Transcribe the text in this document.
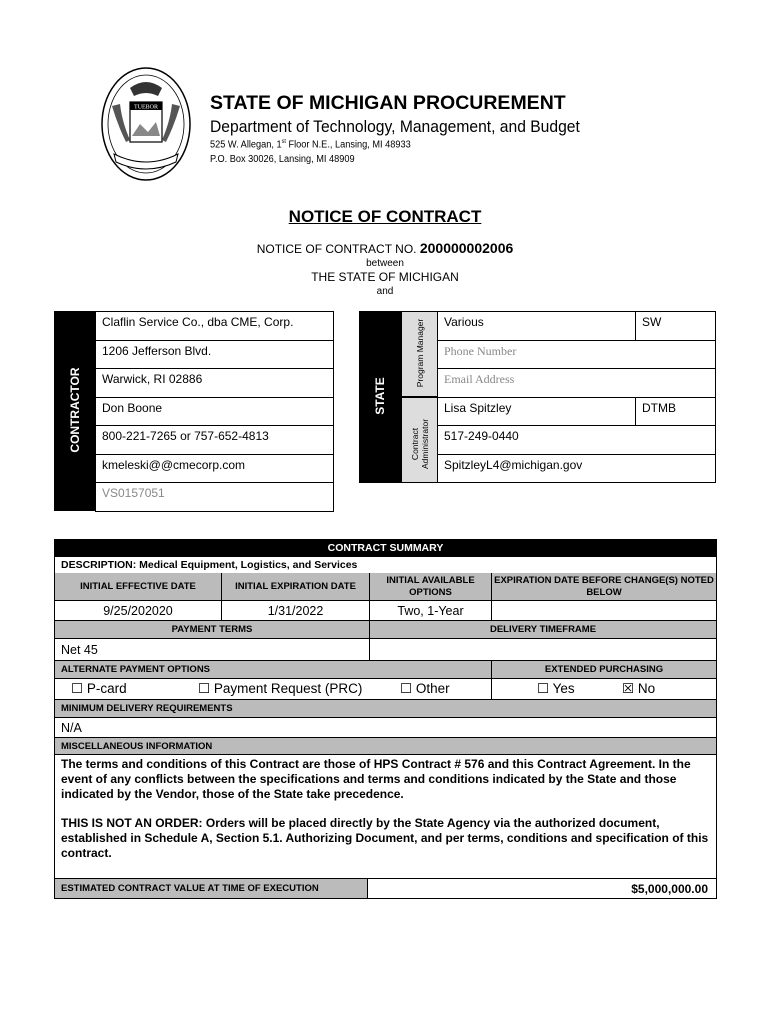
TUEBOR	STATE OF MICHIGAN PROCUREMENT
Department of Technology, Management, and Budget
525 W. Allegan, 1st Floor N.E., Lansing, MI 48933
P.O. Box 30026, Lansing, MI 48909
NOTICE OF CONTRACT
NOTICE OF CONTRACT NO. 200000002006
between
THE STATE OF MICHIGAN
and
CONTRACTOR
Claflin Service Co., dba CME, Corp.
1206 Jefferson Blvd.
Warwick, RI 02886
Don Boone
800-221-7265 or 757-652-4813
kmeleski@@cmecorp.com
VS0157051
STATE
Program Manager
Contract Administrator
Various	SW
Phone Number	
Email Address	
Lisa Spitzley	DTMB
517-249-0440	
SpitzleyL4@michigan.gov	
CONTRACT SUMMARY
DESCRIPTION: Medical Equipment, Logistics, and Services
INITIAL EFFECTIVE DATE	INITIAL EXPIRATION DATE
INITIAL AVAILABLE OPTIONS
EXPIRATION DATE BEFORE CHANGE(S) NOTED BELOW
9/25/202020	1/31/2022	Two, 1-Year
PAYMENT TERMS	DELIVERY TIMEFRAME
Net 45
ALTERNATE PAYMENT OPTIONS	EXTENDED PURCHASING
☐ P-card	☐ Payment Request (PRC)	☐ Other	☐ Yes	☒ No
MINIMUM DELIVERY REQUIREMENTS
N/A
MISCELLANEOUS INFORMATION
The terms and conditions of this Contract are those of HPS Contract # 576 and this Contract Agreement. In the event of any conflicts between the specifications and terms and conditions indicated by the State and those indicated by the Vendor, those of the State take precedence.
THIS IS NOT AN ORDER: Orders will be placed directly by the State Agency via the authorized document, established in Schedule A, Section 5.1. Authorizing Document, and per terms, conditions and specification of this contract.
ESTIMATED CONTRACT VALUE AT TIME OF EXECUTION	$5,000,000.00
